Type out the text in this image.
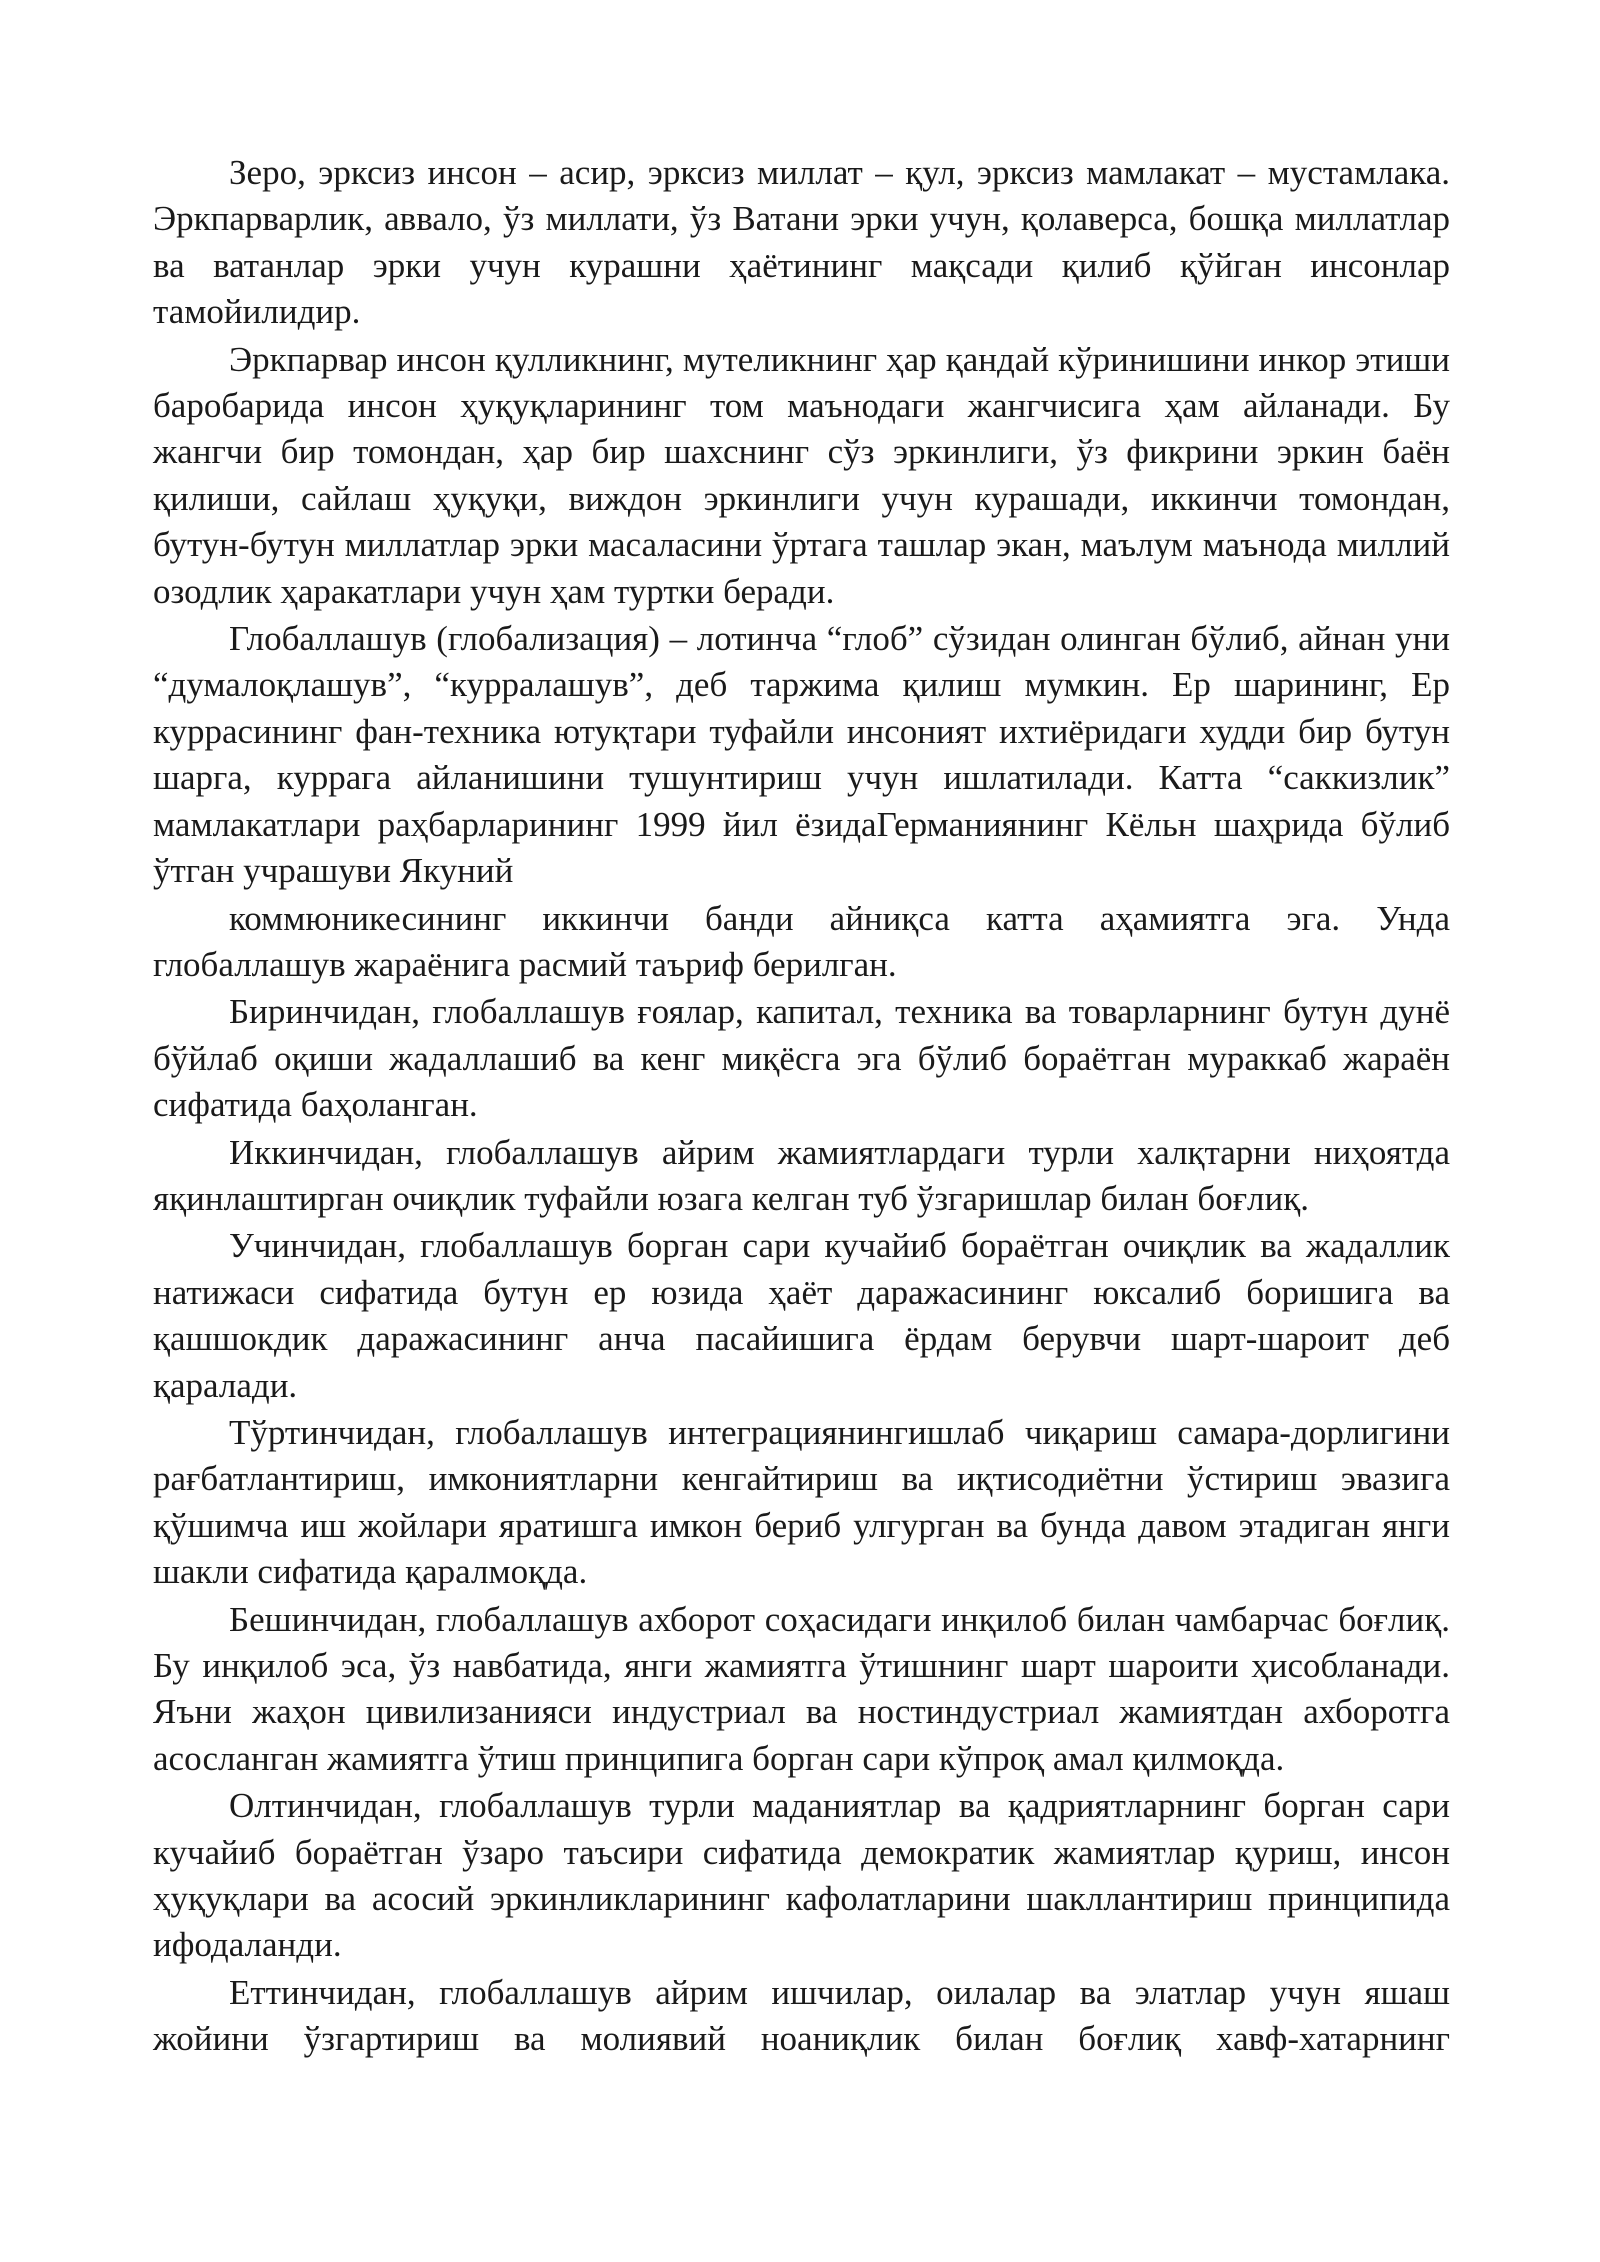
Зеро, эрксиз инсон – асир, эрксиз миллат – қул, эрксиз мамлакат – мустамлака. Эркпарварлик, аввало, ўз миллати, ўз Ватани эрки учун, қолаверса, бошқа миллатлар ва ватанлар эрки учун курашни ҳаётининг мақсади қилиб қўйган инсонлар тамойилидир.

Эркпарвар инсон қулликнинг, мутеликнинг ҳар қандай кўринишини инкор этиши баробарида инсон ҳуқуқларининг том маънодаги жангчисига ҳам айланади. Бу жангчи бир томондан, ҳар бир шахснинг сўз эркинлиги, ўз фикрини эркин баён қилиши, сайлаш ҳуқуқи, виждон эркинлиги учун курашади, иккинчи томондан, бутун-бутун миллатлар эрки масаласини ўртага ташлар экан, маълум маънода миллий озодлик ҳаракатлари учун ҳам туртки беради.

Глобаллашув (глобализация) – лотинча “глоб” сўзидан олинган бўлиб, айнан уни “думалоқлашув”, “курралашув”, деб таржима қилиш мумкин. Ер шарининг, Ер куррасининг фан-техника ютуқтари туфайли инсоният ихтиёридаги худди бир бутун шарга, куррага айланишини тушунтириш учун ишлатилади. Катта “саккизлик” мамлакатлари раҳбарларининг 1999 йил ёзидаГерманиянинг Кёльн шаҳрида бўлиб ўтган учрашуви Якуний

коммюникесининг иккинчи банди айниқса катта аҳамиятга эга. Унда глобаллашув жараёнига расмий таъриф берилган.

Биринчидан, глобаллашув ғоялар, капитал, техника ва товарларнинг бутун дунё бўйлаб оқиши жадаллашиб ва кенг миқёсга эга бўлиб бораётган мураккаб жараён сифатида баҳоланган.

Иккинчидан, глобаллашув айрим жамиятлардаги турли халқтарни ниҳоятда яқинлаштирган очиқлик туфайли юзага келган туб ўзгаришлар билан боғлиқ.

Учинчидан, глобаллашув борган сари кучайиб бораётган очиқлик ва жадаллик натижаси сифатида бутун ер юзида ҳаёт даражасининг юксалиб боришига ва қашшокдик даражасининг анча пасайишига ёрдам берувчи шарт-шароит деб қаралади.

Тўртинчидан, глобаллашув интеграциянингишлаб чиқариш самара-дорлигини рағбатлантириш, имкониятларни кенгайтириш ва иқтисодиётни ўстириш эвазига қўшимча иш жойлари яратишга имкон бериб улгурган ва бунда давом этадиган янги шакли сифатида қаралмоқда.

Бешинчидан, глобаллашув ахборот соҳасидаги инқилоб билан чамбарчас боғлиқ. Бу инқилоб эса, ўз навбатида, янги жамиятга ўтишнинг шарт шароити ҳисобланади. Яъни жаҳон цивилизанияси индустриал ва ностиндустриал жамиятдан ахборотга асосланган жамиятга ўтиш принципига борган сари кўпроқ амал қилмоқда.

Олтинчидан, глобаллашув турли маданиятлар ва қадриятларнинг борган сари кучайиб бораётган ўзаро таъсири сифатида демократик жамиятлар қуриш, инсон ҳуқуқлари ва асосий эркинликларининг кафолатларини шакллантириш принципида ифодаланди.

Еттинчидан, глобаллашув айрим ишчилар, оилалар ва элатлар учун яшаш жойини ўзгартириш ва молиявий ноаниқлик билан боғлиқ хавф-хатарнинг
